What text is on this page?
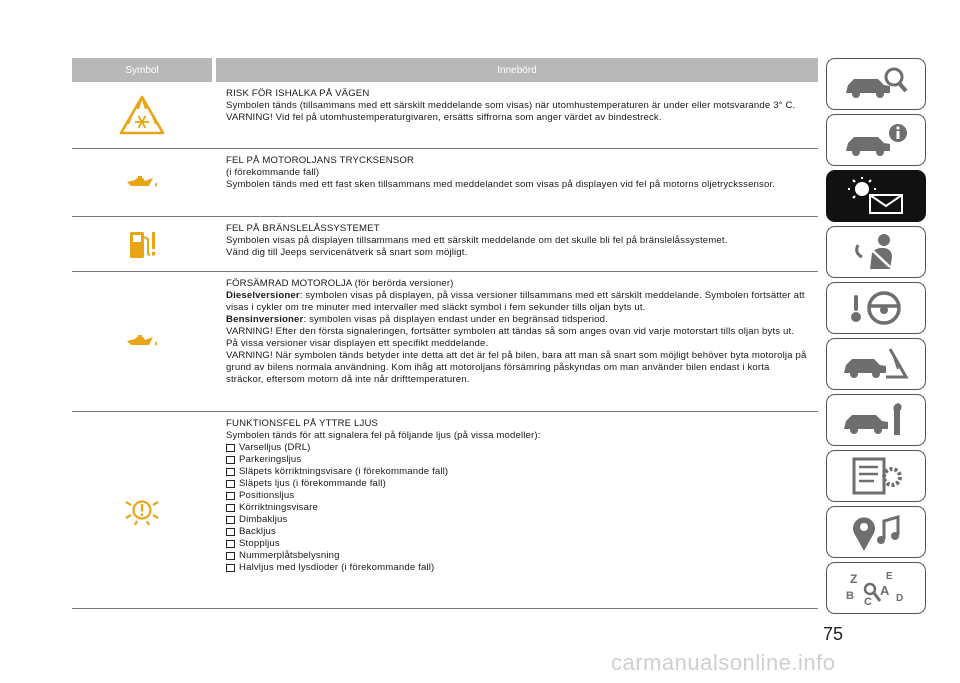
Symbol	Innebörd

RISK FÖR ISHALKA PÅ VÄGEN

Symbolen tänds (tillsammans med ett särskilt meddelande som visas) när utomhustemperaturen är under eller motsvarande 3° C.

VARNING! Vid fel på utomhustemperaturgivaren, ersätts siffrorna som anger värdet av bindestreck.

FEL PÅ MOTOROLJANS TRYCKSENSOR

(i förekommande fall)

Symbolen tänds med ett fast sken tillsammans med meddelandet som visas på displayen vid fel på motorns oljetryckssensor.

FEL PÅ BRÄNSLELÅSSYSTEMET

Symbolen visas på displayen tillsammans med ett särskilt meddelande om det skulle bli fel på bränslelåssystemet.

Vänd dig till Jeeps servicenätverk så snart som möjligt.

FÖRSÄMRAD MOTOROLJA (för berörda versioner)

Dieselversioner: symbolen visas på displayen, på vissa versioner tillsammans med ett särskilt meddelande. Symbolen fortsätter att visas i cykler om tre minuter med intervaller med släckt symbol i fem sekunder tills oljan byts ut.

Bensinversioner: symbolen visas på displayen endast under en begränsad tidsperiod.

VARNING! Efter den första signaleringen, fortsätter symbolen att tändas så som anges ovan vid varje motorstart tills oljan byts ut. På vissa versioner visar displayen ett specifikt meddelande.

VARNING! När symbolen tänds betyder inte detta att det är fel på bilen, bara att man så snart som möjligt behöver byta motorolja på grund av bilens normala användning. Kom ihåg att motoroljans försämring påskyndas om man använder bilen endast i korta sträckor, eftersom motorn då inte når drifttemperaturen.

FUNKTIONSFEL PÅ YTTRE LJUS

Symbolen tänds för att signalera fel på följande ljus (på vissa modeller):

Varselljus (DRL)
Parkeringsljus
Släpets körriktningsvisare (i förekommande fall)
Släpets ljus (i förekommande fall)
Positionsljus
Körriktningsvisare
Dimbakljus
Backljus
Stoppljus
Nummerplåtsbelysning
Halvljus med lysdioder (i förekommande fall)
Z	E
B C
A
D
75
carmanualsonline.info
